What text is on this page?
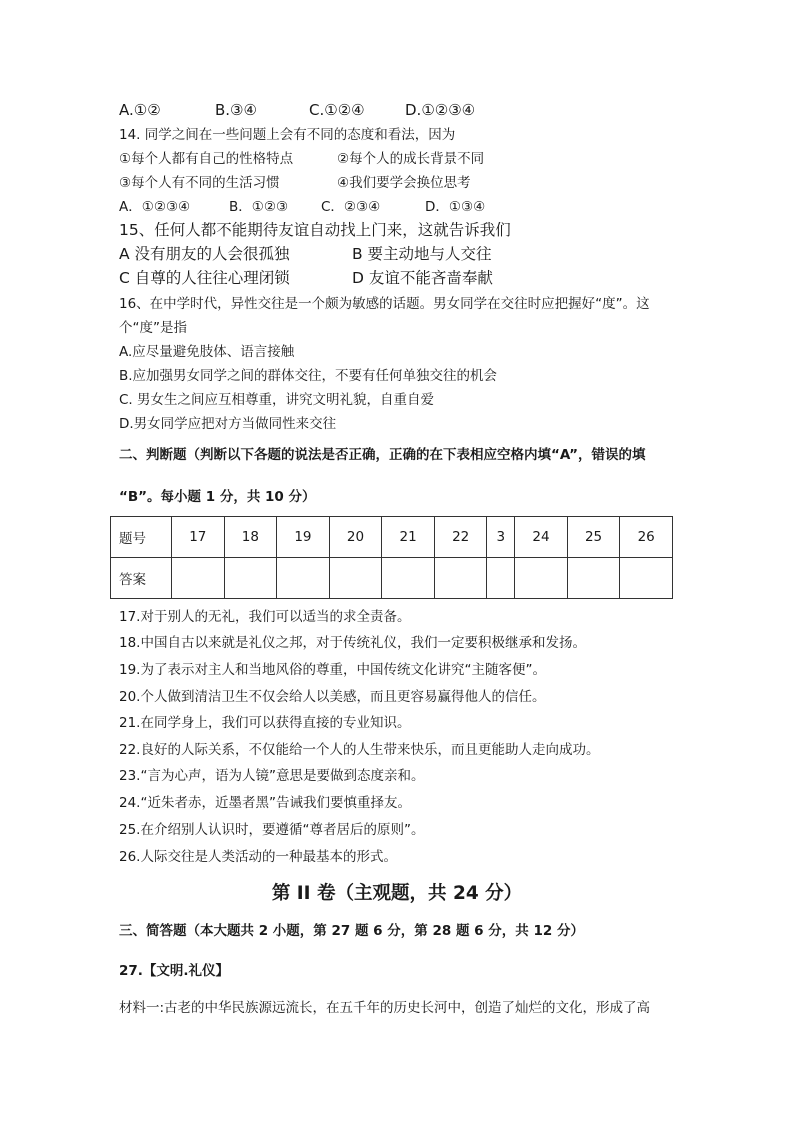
A.①②	B.③④	C.①②④	D.①②③④
14. 同学之间在一些问题上会有不同的态度和看法，因为
①每个人都有自己的性格特点	②每个人的成长背景不同
③每个人有不同的生活习惯	④我们要学会换位思考
A．①②③④	B．①②③ C．②③④	D．①③④
15、任何人都不能期待友谊自动找上门来，这就告诉我们
A 没有朋友的人会很孤独	B 要主动地与人交往
C 自尊的人往往心理闭锁	D 友谊不能吝啬奉献
16、在中学时代，异性交往是一个颇为敏感的话题。男女同学在交往时应把握好“度”。这
个“度”是指
A.应尽量避免肢体、语言接触
B.应加强男女同学之间的群体交往，不要有任何单独交往的机会
C. 男女生之间应互相尊重，讲究文明礼貌，自重自爱
D.男女同学应把对方当做同性来交往
二、判断题（判断以下各题的说法是否正确，正确的在下表相应空格内填“A”，错误的填
“B”。每小题 1 分，共 10 分）
题号	17	18	19	20	21	22	3	24	25	26
答案										
17.对于别人的无礼，我们可以适当的求全责备。
18.中国自古以来就是礼仪之邦，对于传统礼仪，我们一定要积极继承和发扬。
19.为了表示对主人和当地风俗的尊重，中国传统文化讲究“主随客便”。
20.个人做到清洁卫生不仅会给人以美感，而且更容易赢得他人的信任。
21.在同学身上，我们可以获得直接的专业知识。
22.良好的人际关系，不仅能给一个人的人生带来快乐，而且更能助人走向成功。
23.“言为心声，语为人镜”意思是要做到态度亲和。
24.“近朱者赤，近墨者黑”告诫我们要慎重择友。
25.在介绍别人认识时，要遵循“尊者居后的原则”。
26.人际交往是人类活动的一种最基本的形式。
第 II 卷（主观题，共 24 分）
三、简答题（本大题共 2 小题，第 27 题 6 分，第 28 题 6 分，共 12 分）
27.【文明.礼仪】
材料一:古老的中华民族源远流长，在五千年的历史长河中，创造了灿烂的文化，形成了高
